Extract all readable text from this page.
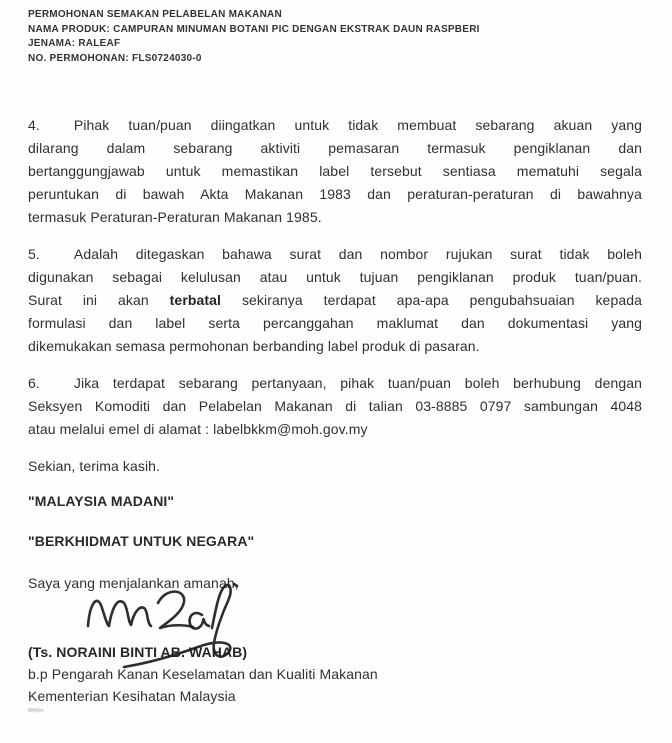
PERMOHONAN SEMAKAN PELABELAN MAKANAN
NAMA PRODUK: CAMPURAN MINUMAN BOTANI PIC DENGAN EKSTRAK DAUN RASPBERI
JENAMA: RALEAF
NO. PERMOHONAN: FLS0724030-0
4. Pihak tuan/puan diingatkan untuk tidak membuat sebarang akuan yang
dilarang dalam sebarang aktiviti pemasaran termasuk pengiklanan dan
bertanggungjawab untuk memastikan label tersebut sentiasa mematuhi segala
peruntukan di bawah Akta Makanan 1983 dan peraturan-peraturan di bawahnya
termasuk Peraturan-Peraturan Makanan 1985.
5. Adalah ditegaskan bahawa surat dan nombor rujukan surat tidak boleh
digunakan sebagai kelulusan atau untuk tujuan pengiklanan produk tuan/puan.
Surat ini akan terbatal sekiranya terdapat apa-apa pengubahsuaian kepada
formulasi dan label serta percanggahan maklumat dan dokumentasi yang
dikemukakan semasa permohonan berbanding label produk di pasaran.
6. Jika terdapat sebarang pertanyaan, pihak tuan/puan boleh berhubung dengan
Seksyen Komoditi dan Pelabelan Makanan di talian 03-8885 0797 sambungan 4048
atau melalui emel di alamat : labelbkkm@moh.gov.my
Sekian, terima kasih.
"MALAYSIA MADANI"
"BERKHIDMAT UNTUK NEGARA"
Saya yang menjalankan amanah,
(Ts. NORAINI BINTI AB. WAHAB)
b.p Pengarah Kanan Keselamatan dan Kualiti Makanan
Kementerian Kesihatan Malaysia
NH/bn
